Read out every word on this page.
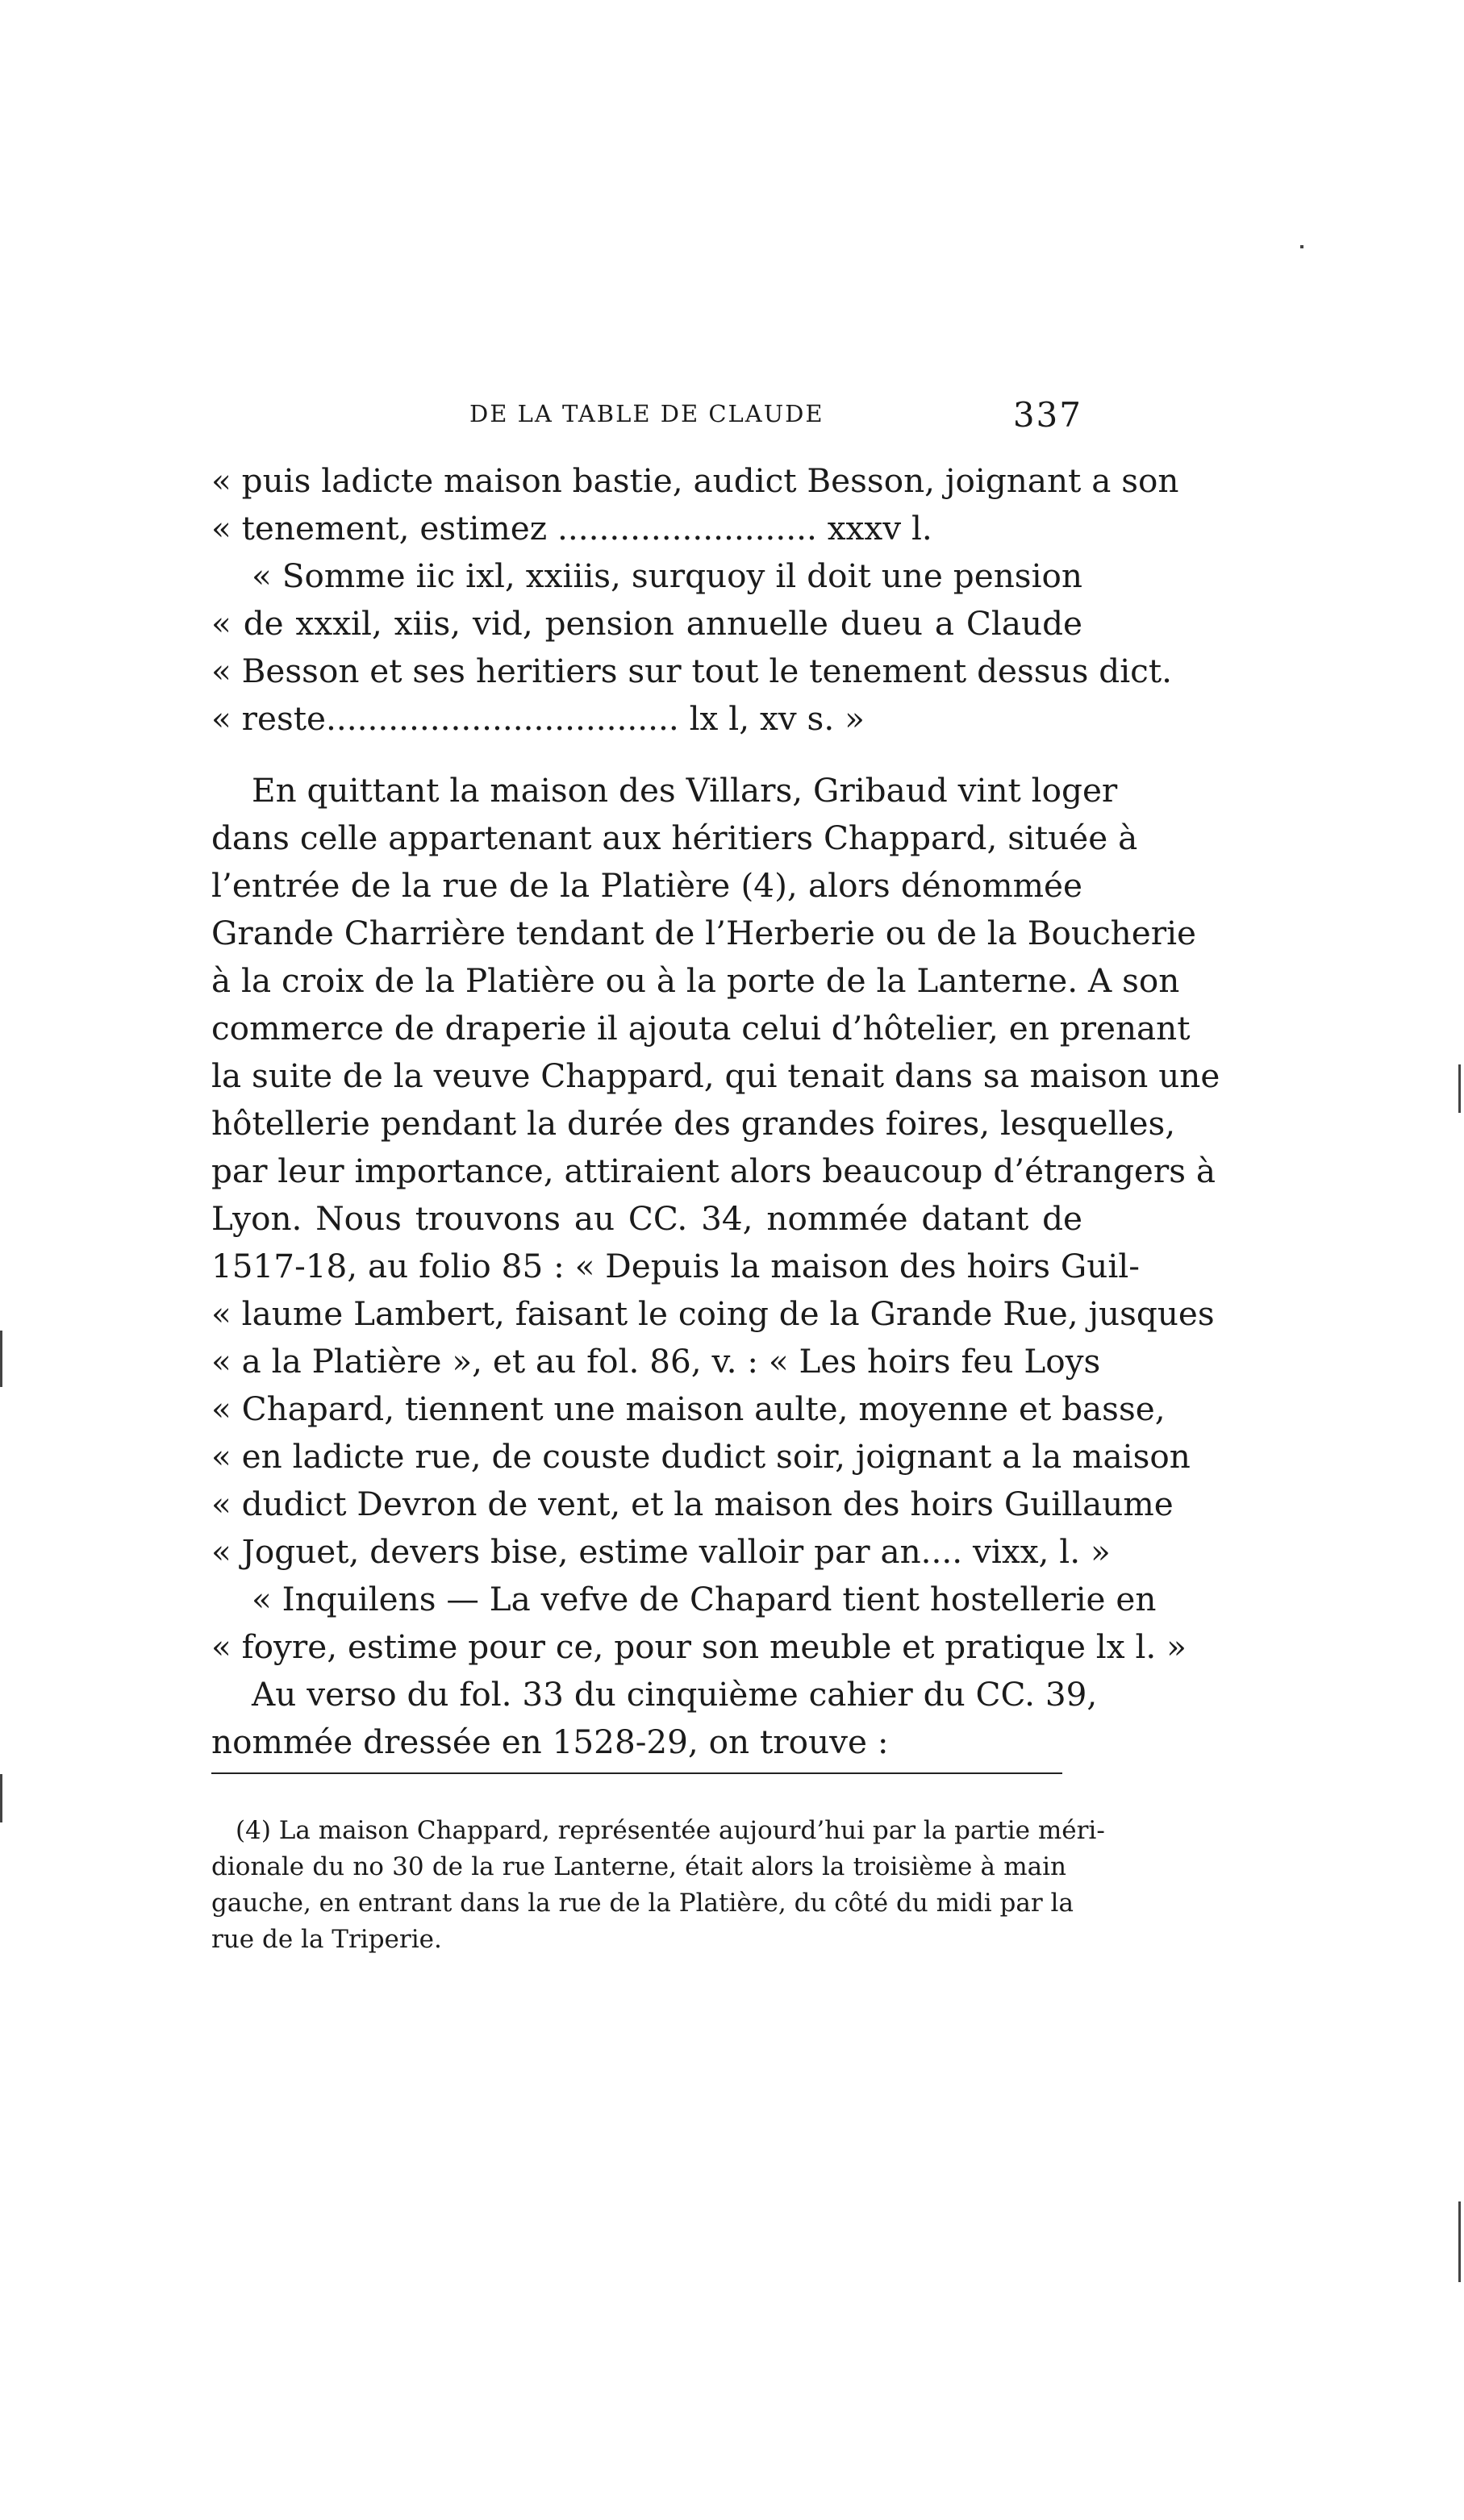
DE LA TABLE DE CLAUDE	337
« puis ladicte maison bastie, audict Besson, joignant a son
« tenement, estimez ......................... xxxv l.
« Somme iic ixl, xxiiis, surquoy il doit une pension
« de xxxil, xiis, vid, pension annuelle dueu a Claude
« Besson et ses heritiers sur tout le tenement dessus dict.
« reste.................................. lx l, xv s. »
En quittant la maison des Villars, Gribaud vint loger
dans celle appartenant aux héritiers Chappard, située à
l’entrée de la rue de la Platière (4), alors dénommée
Grande Charrière tendant de l’Herberie ou de la Boucherie
à la croix de la Platière ou à la porte de la Lanterne. A son
commerce de draperie il ajouta celui d’hôtelier, en prenant
la suite de la veuve Chappard, qui tenait dans sa maison une
hôtellerie pendant la durée des grandes foires, lesquelles,
par leur importance, attiraient alors beaucoup d’étrangers à
Lyon. Nous trouvons au CC. 34, nommée datant de
1517-18, au folio 85 : « Depuis la maison des hoirs Guil-
« laume Lambert, faisant le coing de la Grande Rue, jusques
« a la Platière », et au fol. 86, v. : « Les hoirs feu Loys
« Chapard, tiennent une maison aulte, moyenne et basse,
« en ladicte rue, de couste dudict soir, joignant a la maison
« dudict Devron de vent, et la maison des hoirs Guillaume
« Joguet, devers bise, estime valloir par an.... vixx, l. »
« Inquilens — La vefve de Chapard tient hostellerie en
« foyre, estime pour ce, pour son meuble et pratique lx l. »
Au verso du fol. 33 du cinquième cahier du CC. 39,
nommée dressée en 1528-29, on trouve :
(4) La maison Chappard, représentée aujourd’hui par la partie méri-
dionale du no 30 de la rue Lanterne, était alors la troisième à main
gauche, en entrant dans la rue de la Platière, du côté du midi par la
rue de la Triperie.
